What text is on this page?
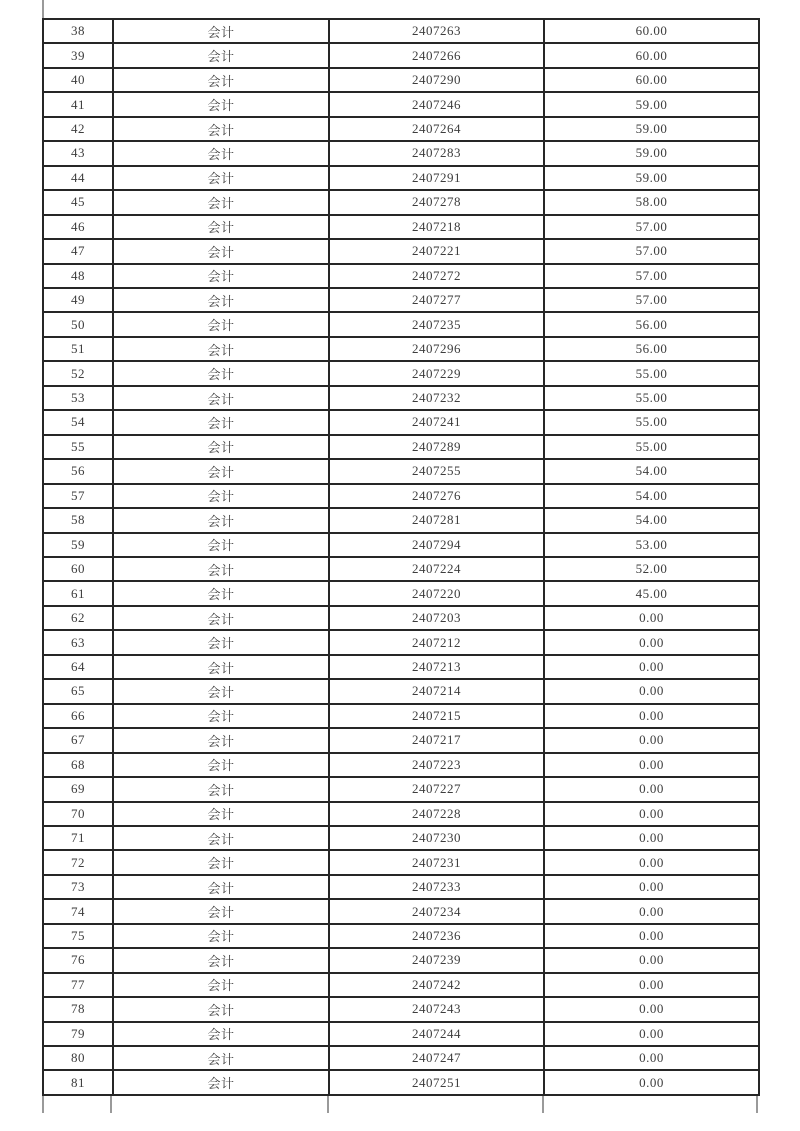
38	会计	2407263	60.00
39	会计	2407266	60.00
40	会计	2407290	60.00
41	会计	2407246	59.00
42	会计	2407264	59.00
43	会计	2407283	59.00
44	会计	2407291	59.00
45	会计	2407278	58.00
46	会计	2407218	57.00
47	会计	2407221	57.00
48	会计	2407272	57.00
49	会计	2407277	57.00
50	会计	2407235	56.00
51	会计	2407296	56.00
52	会计	2407229	55.00
53	会计	2407232	55.00
54	会计	2407241	55.00
55	会计	2407289	55.00
56	会计	2407255	54.00
57	会计	2407276	54.00
58	会计	2407281	54.00
59	会计	2407294	53.00
60	会计	2407224	52.00
61	会计	2407220	45.00
62	会计	2407203	0.00
63	会计	2407212	0.00
64	会计	2407213	0.00
65	会计	2407214	0.00
66	会计	2407215	0.00
67	会计	2407217	0.00
68	会计	2407223	0.00
69	会计	2407227	0.00
70	会计	2407228	0.00
71	会计	2407230	0.00
72	会计	2407231	0.00
73	会计	2407233	0.00
74	会计	2407234	0.00
75	会计	2407236	0.00
76	会计	2407239	0.00
77	会计	2407242	0.00
78	会计	2407243	0.00
79	会计	2407244	0.00
80	会计	2407247	0.00
81	会计	2407251	0.00
